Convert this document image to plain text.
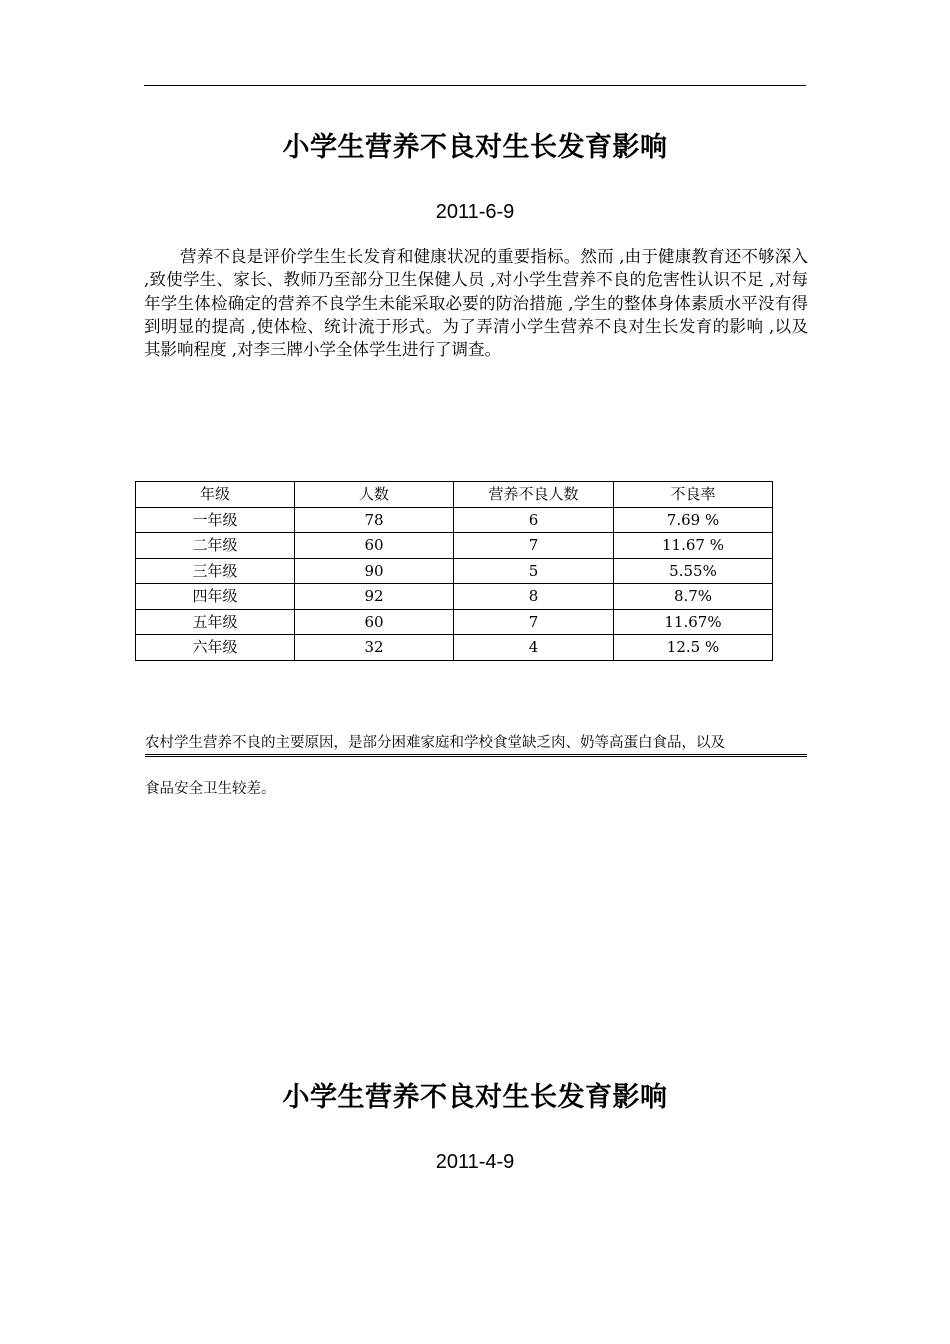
小学生营养不良对生长发育影响
2011-6-9

营养不良是评价学生生长发育和健康状况的重要指标。然而 ,由于健康教育还不够深入 ,致使学生、家长、教师乃至部分卫生保健人员 ,对小学生营养不良的危害性认识不足 ,对每年学生体检确定的营养不良学生未能采取必要的防治措施 ,学生的整体身体素质水平没有得到明显的提高 ,使体检、统计流于形式。为了弄清小学生营养不良对生长发育的影响 ,以及其影响程度 ,对李三牌小学全体学生进行了调查。

年级	人数	营养不良人数	不良率
一年级	78	6	7.69 %
二年级	60	7	11.67 %
三年级	90	5	5.55%
四年级	92	8	8.7%
五年级	60	7	11.67%
六年级	32	4	12.5 %
农村学生营养不良的主要原因，是部分困难家庭和学校食堂缺乏肉、奶等高蛋白食品，以及
食品安全卫生较差。
小学生营养不良对生长发育影响
2011-4-9
